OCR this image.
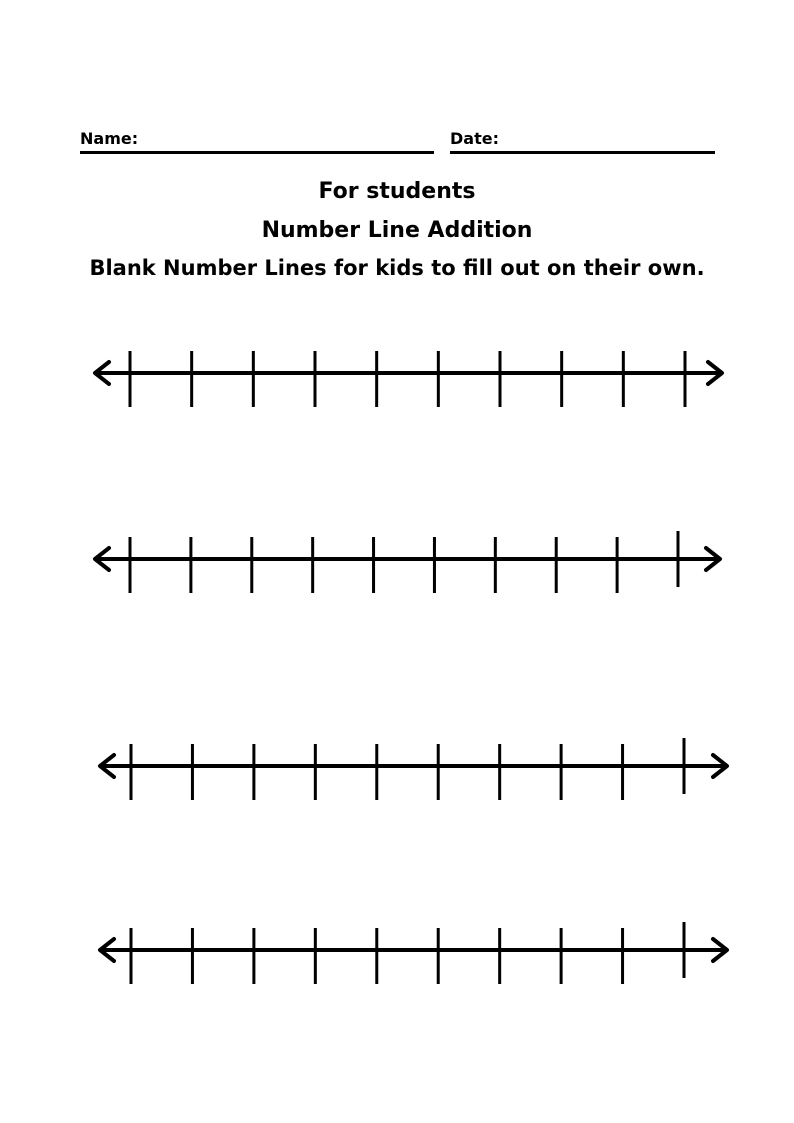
Name:	Date:
For students
Number Line Addition
Blank Number Lines for kids to fill out on their own.
